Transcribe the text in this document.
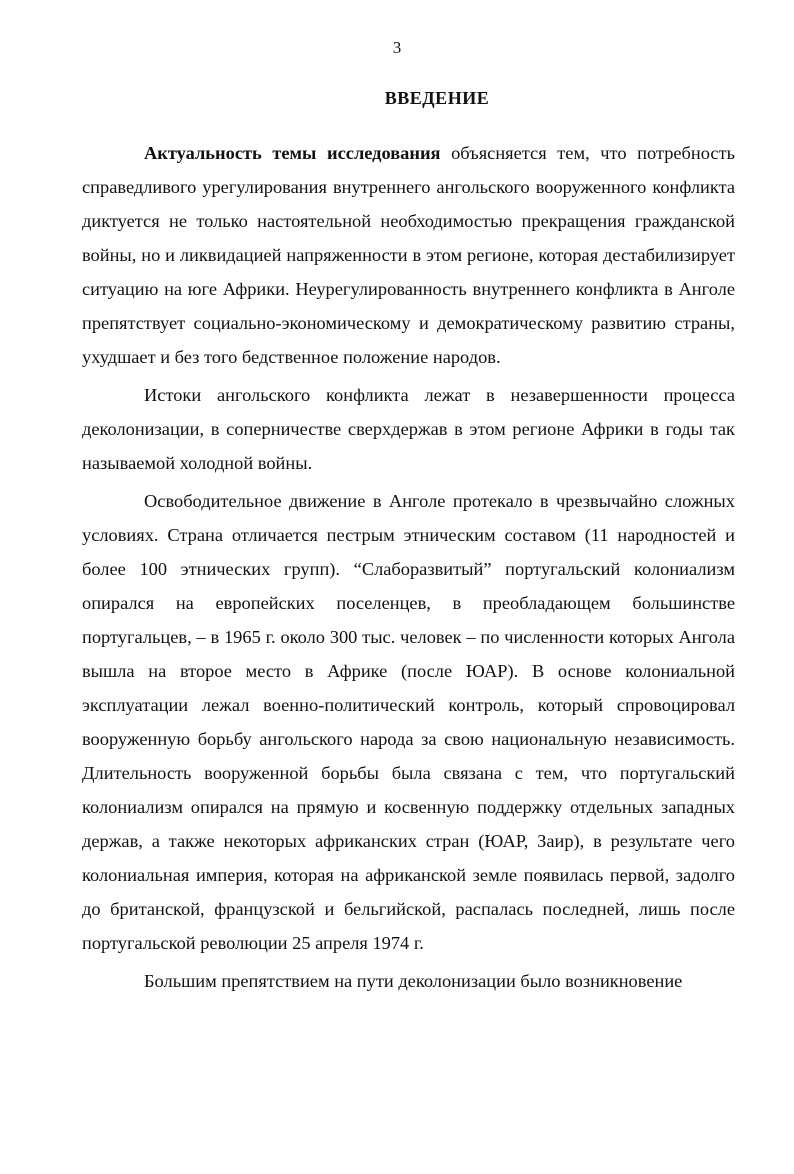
3
ВВЕДЕНИЕ

Актуальность темы исследования объясняется тем, что потребность справедливого урегулирования внутреннего ангольского вооруженного конфликта диктуется не только настоятельной необходимостью прекращения гражданской войны, но и ликвидацией напряженности в этом регионе, которая дестабилизирует ситуацию на юге Африки. Неурегулированность внутреннего конфликта в Анголе препятствует социально-экономическому и демократическому развитию страны, ухудшает и без того бедственное положение народов.

Истоки ангольского конфликта лежат в незавершенности процесса деколонизации, в соперничестве сверхдержав в этом регионе Африки в годы так называемой холодной войны.

Освободительное движение в Анголе протекало в чрезвычайно сложных условиях. Страна отличается пестрым этническим составом (11 народностей и более 100 этнических групп). “Слаборазвитый” португальский колониализм опирался на европейских поселенцев, в преобладающем большинстве португальцев, – в 1965 г. около 300 тыс. человек – по численности которых Ангола вышла на второе место в Африке (после ЮАР). В основе колониальной эксплуатации лежал военно-политический контроль, который спровоцировал вооруженную борьбу ангольского народа за свою национальную независимость. Длительность вооруженной борьбы была связана с тем, что португальский колониализм опирался на прямую и косвенную поддержку отдельных западных держав, а также некоторых африканских стран (ЮАР, Заир), в результате чего колониальная империя, которая на африканской земле появилась первой, задолго до британской, французской и бельгийской, распалась последней, лишь после португальской революции 25 апреля 1974 г.

Большим препятствием на пути деколонизации было возникновение
